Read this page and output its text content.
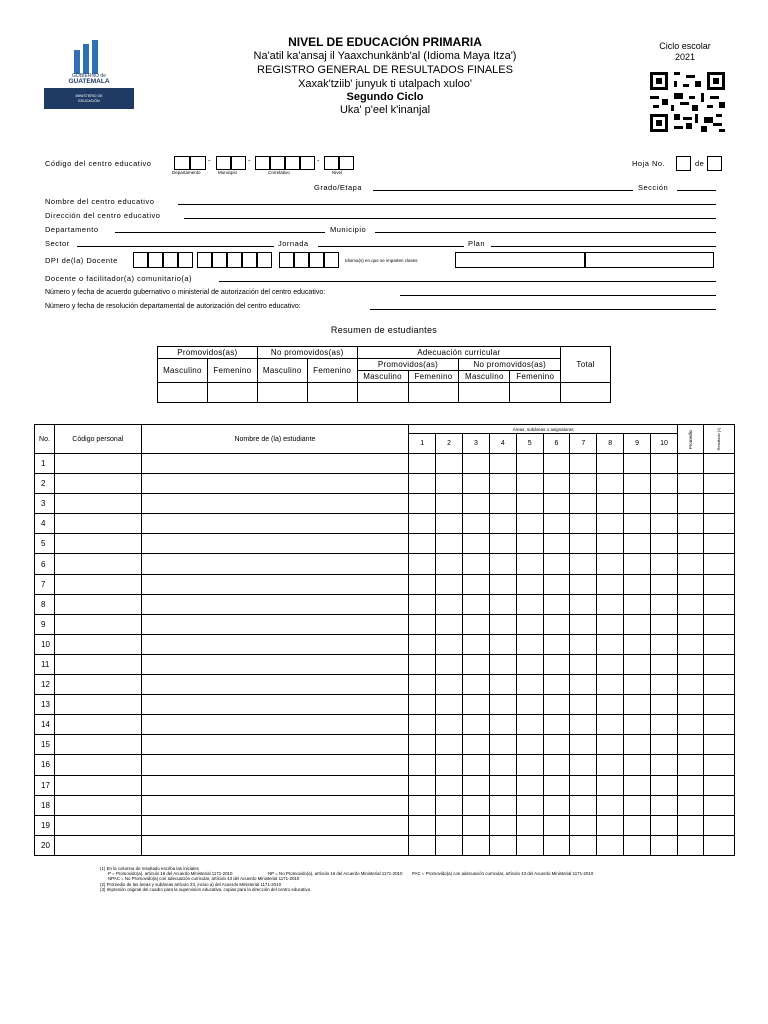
GOBIERNO de
GUATEMALA
MINISTERIO DE
EDUCACIÓN
NIVEL DE EDUCACIÓN PRIMARIA
Na'atil ka'ansaj il Yaaxchunkänb'al (Idioma Maya Itza')
REGISTRO GENERAL DE RESULTADOS FINALES
Xaxak'tziib' junyuk ti utalpach xuloo'
Segundo Ciclo
Uka' p'eel k'inanjal
Ciclo escolar
2021
Código del centro educativo	-	-	-
Departamento	Municipio	Correlativo	Nivel
Hoja No.	de
Grado/Etapa	Sección
Nombre del centro educativo
Dirección del centro educativo
Departamento	Municipio
Sector	Jornada	Plan
DPI de(la) Docente	Idioma(s) en que se imparten clases
Docente o facilitador(a) comunitario(a)
Número y fecha de acuerdo gubernativo o ministerial de autorización del centro educativo:
Número y fecha de resolución departamental de autorización del centro educativo:
Resumen de estudiantes
Promovidos(as)		No promovidos(as)		Adecuación curricular				Total
Masculino	Femenino	Masculino	Femenino	Promovidos(as)		No promovidos(as)		
				Masculino	Femenino	Masculino	Femenino	

No.	Código personal	Nombre de (la) estudiante	Áreas, subáreas o asignaturas										Promedio	Resultado (1)

			1	2	3	4	5	6	7	8	9	10		
1														
2														
3														
4														
5														
6														
7														
8														
9														
10														
11														
12														
13														
14														
15														
16														
17														
18														
19														
20														
(1) En la columna de resultado escriba las iniciales
P = Promovido(a), artículo 16 del Acuerdo Ministerial 1171-2010	NP = No Promovido(a), artículo 16 del Acuerdo Ministerial 1171-2010 PAC = Promovido(a) con adecuación curricular, artículo 43 del Acuerdo Ministerial 1171-2010
NPAC = No Promovido(a) con adecuación curricular, artículo 43 del Acuerdo Ministerial 1171-2010
(2) Promedio de las áreas y subáreas artículo 23, inciso a) del Acuerdo Ministerial 1171-2010
(3) Impresión original del cuadro para la supervisión educativa, copias para la dirección del centro educativo.
